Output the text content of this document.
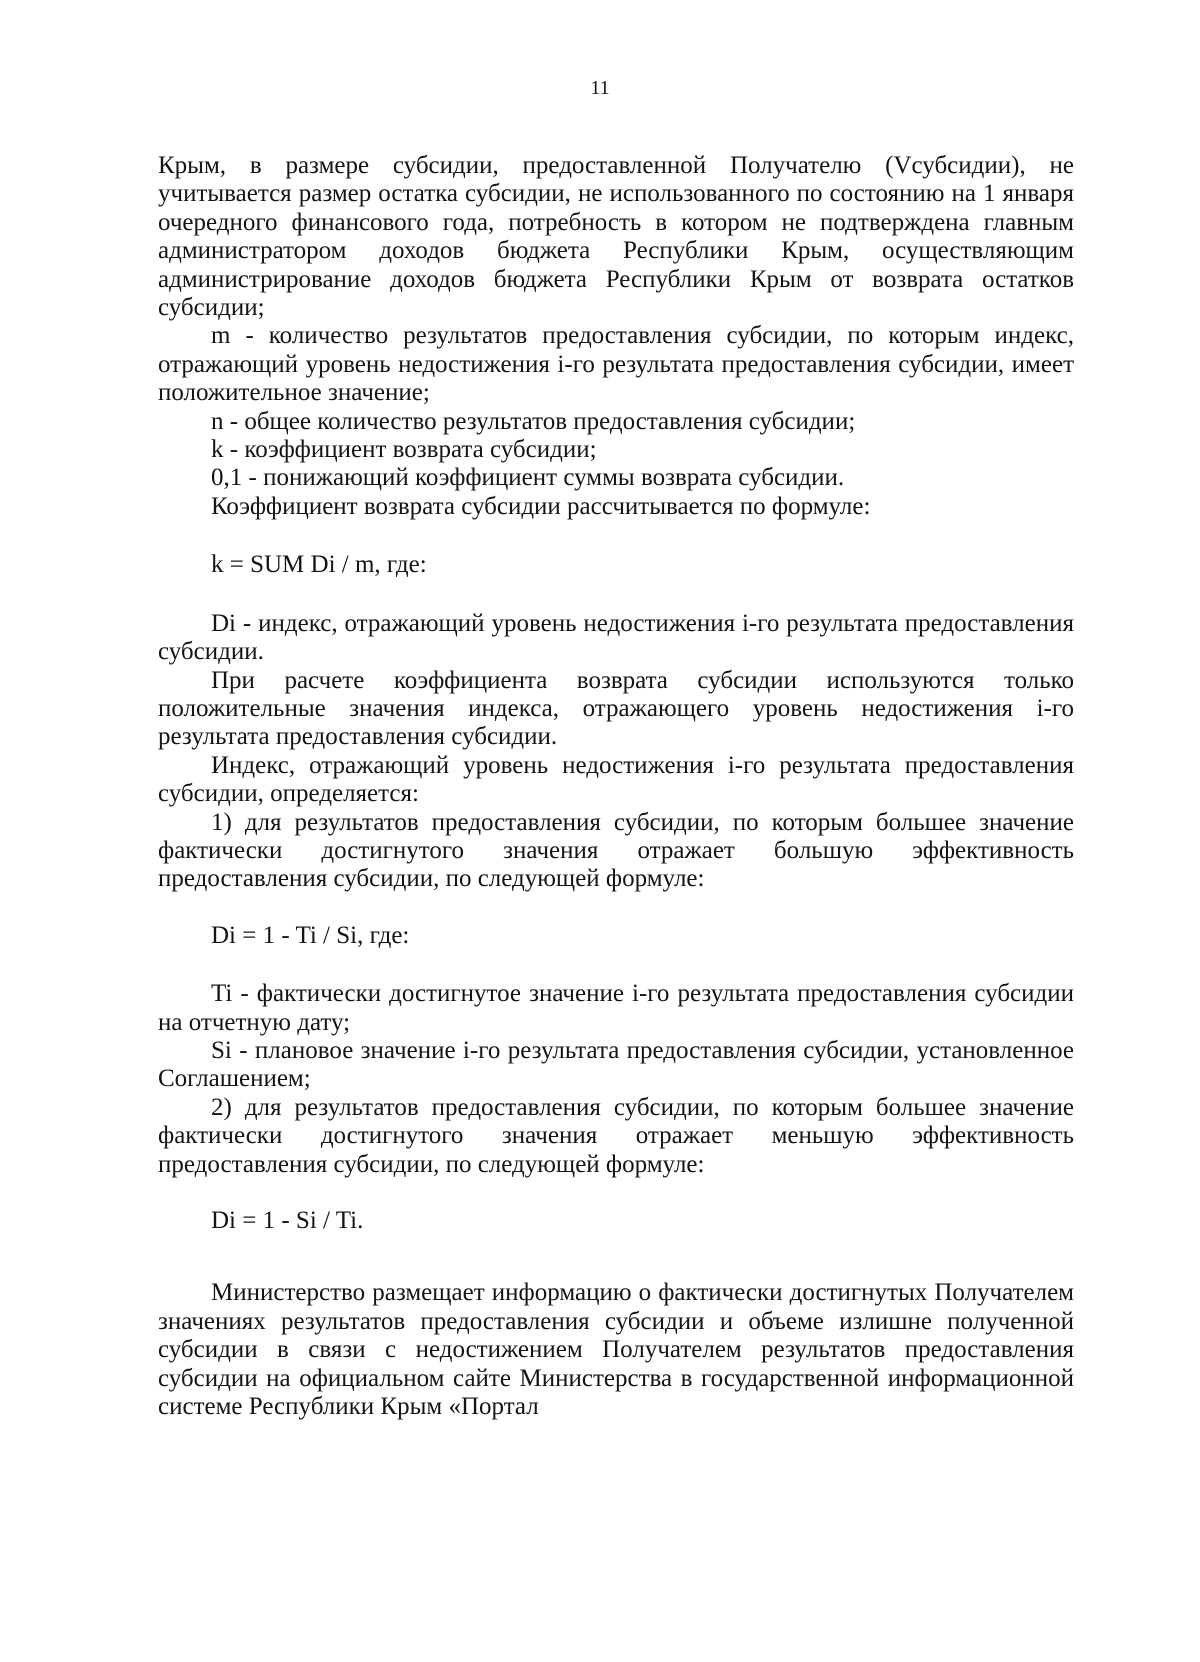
11

Крым, в размере субсидии, предоставленной Получателю (Vсубсидии), не учитывается размер остатка субсидии, не использованного по состоянию на 1 января очередного финансового года, потребность в котором не подтверждена главным администратором доходов бюджета Республики Крым, осуществляющим администрирование доходов бюджета Республики Крым от возврата остатков субсидии;

m - количество результатов предоставления субсидии, по которым индекс, отражающий уровень недостижения i-го результата предоставления субсидии, имеет положительное значение;

n - общее количество результатов предоставления субсидии;

k - коэффициент возврата субсидии;

0,1 - понижающий коэффициент суммы возврата субсидии.

Коэффициент возврата субсидии рассчитывается по формуле:

k = SUM Di / m, где:

Di - индекс, отражающий уровень недостижения i-го результата предоставления субсидии.

При расчете коэффициента возврата субсидии используются только положительные значения индекса, отражающего уровень недостижения i-го результата предоставления субсидии.

Индекс, отражающий уровень недостижения i-го результата предоставления субсидии, определяется:

1) для результатов предоставления субсидии, по которым большее значение фактически достигнутого значения отражает большую эффективность предоставления субсидии, по следующей формуле:

Di = 1 - Ti / Si, где:

Ti - фактически достигнутое значение i-го результата предоставления субсидии на отчетную дату;

Si - плановое значение i-го результата предоставления субсидии, установленное Соглашением;

2) для результатов предоставления субсидии, по которым большее значение фактически достигнутого значения отражает меньшую эффективность предоставления субсидии, по следующей формуле:

Di = 1 - Si / Ti.

Министерство размещает информацию о фактически достигнутых Получателем значениях результатов предоставления субсидии и объеме излишне полученной субсидии в связи с недостижением Получателем результатов предоставления субсидии на официальном сайте Министерства в государственной информационной системе Республики Крым «Портал
